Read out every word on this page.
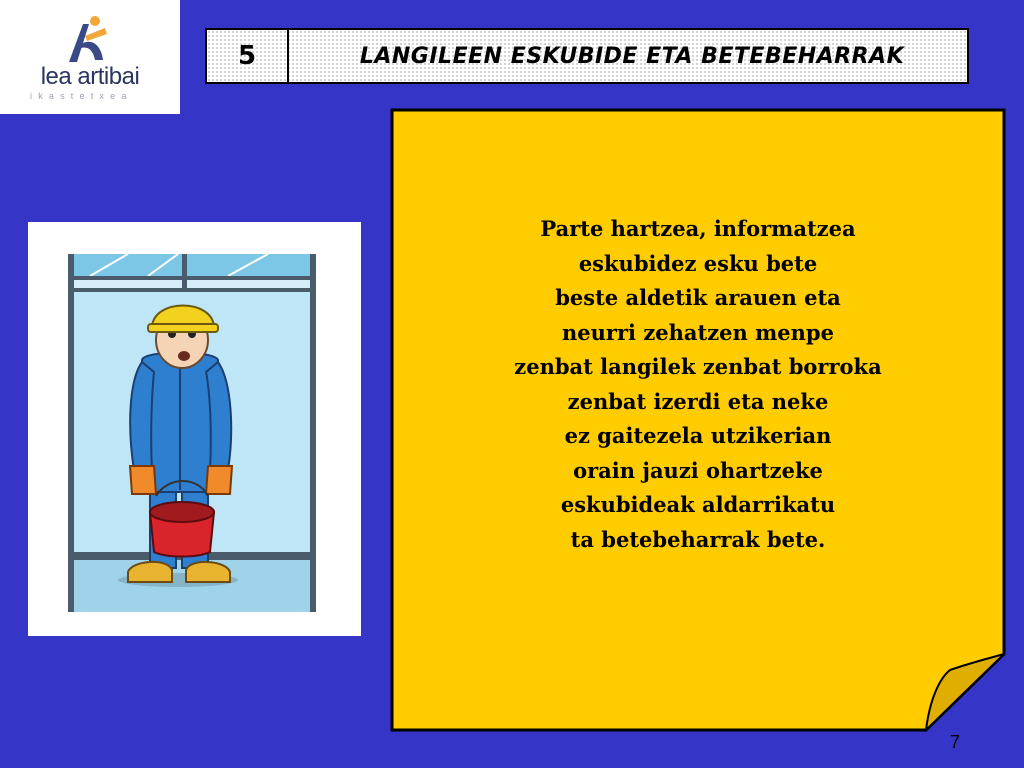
lea artibai
ikastetxea
5	LANGILEEN ESKUBIDE ETA BETEBEHARRAK
Parte hartzea, informatzea
eskubidez esku bete
beste aldetik arauen eta
neurri zehatzen menpe
zenbat langilek zenbat borroka
zenbat izerdi eta neke
ez gaitezela utzikerian
orain jauzi ohartzeke
eskubideak aldarrikatu
ta betebeharrak bete.
7
